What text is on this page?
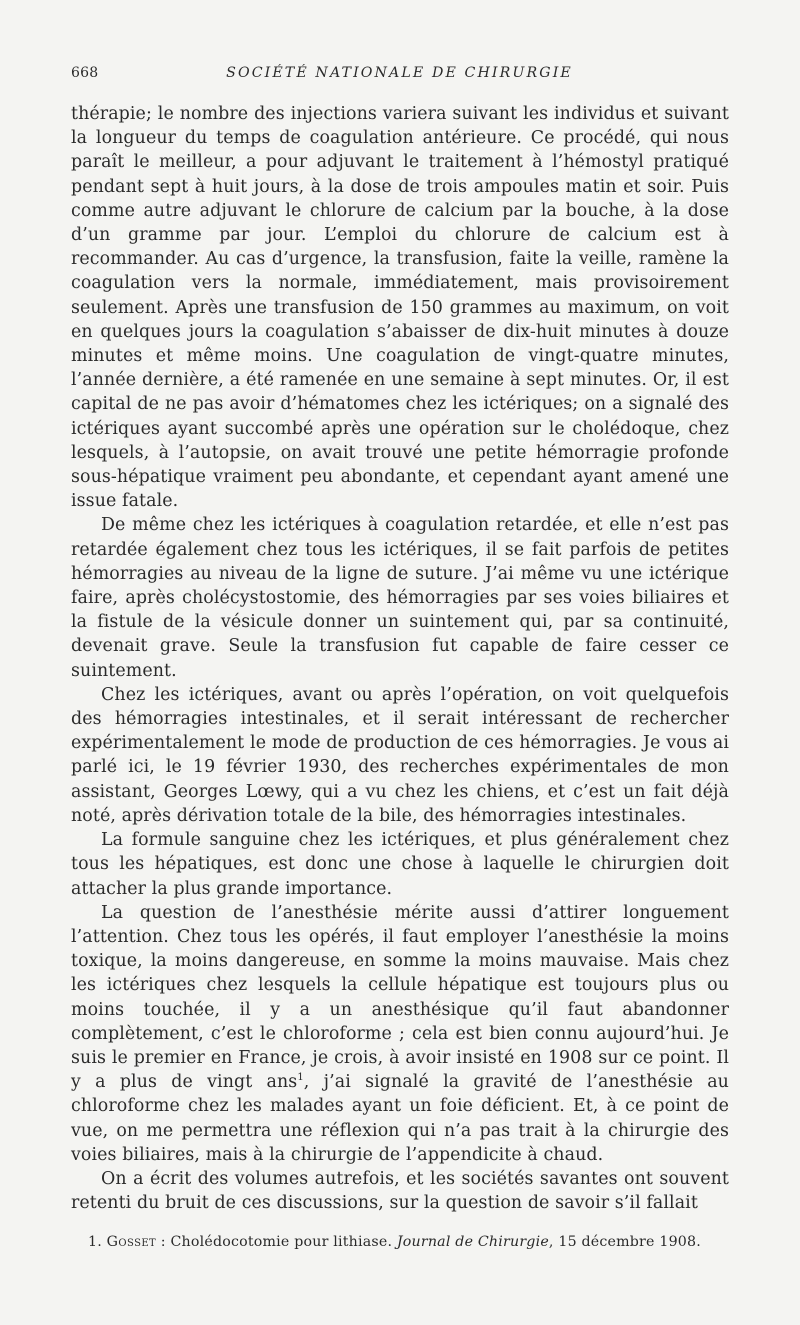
668	SOCIÉTÉ NATIONALE DE CHIRURGIE

thérapie; le nombre des injections variera suivant les individus et suivant la longueur du temps de coagulation antérieure. Ce procédé, qui nous paraît le meilleur, a pour adjuvant le traitement à l’hémostyl pratiqué pendant sept à huit jours, à la dose de trois ampoules matin et soir. Puis comme autre adjuvant le chlorure de calcium par la bouche, à la dose d’un gramme par jour. L’emploi du chlorure de calcium est à recommander. Au cas d’urgence, la transfusion, faite la veille, ramène la coagulation vers la normale, immédiatement, mais provisoirement seulement. Après une transfusion de 150 grammes au maximum, on voit en quelques jours la coagulation s’abaisser de dix-huit minutes à douze minutes et même moins. Une coagulation de vingt-quatre minutes, l’année dernière, a été ramenée en une semaine à sept minutes. Or, il est capital de ne pas avoir d’hématomes chez les ictériques; on a signalé des ictériques ayant succombé après une opération sur le cholédoque, chez lesquels, à l’autopsie, on avait trouvé une petite hémorragie profonde sous-hépatique vraiment peu abondante, et cependant ayant amené une issue fatale.

De même chez les ictériques à coagulation retardée, et elle n’est pas retardée également chez tous les ictériques, il se fait parfois de petites hémorragies au niveau de la ligne de suture. J’ai même vu une ictérique faire, après cholécystostomie, des hémorragies par ses voies biliaires et la fistule de la vésicule donner un suintement qui, par sa continuité, devenait grave. Seule la transfusion fut capable de faire cesser ce suintement.

Chez les ictériques, avant ou après l’opération, on voit quelquefois des hémorragies intestinales, et il serait intéressant de rechercher expérimentalement le mode de production de ces hémorragies. Je vous ai parlé ici, le 19 février 1930, des recherches expérimentales de mon assistant, Georges Lœwy, qui a vu chez les chiens, et c’est un fait déjà noté, après dérivation totale de la bile, des hémorragies intestinales.

La formule sanguine chez les ictériques, et plus généralement chez tous les hépatiques, est donc une chose à laquelle le chirurgien doit attacher la plus grande importance.

La question de l’anesthésie mérite aussi d’attirer longuement l’attention. Chez tous les opérés, il faut employer l’anesthésie la moins toxique, la moins dangereuse, en somme la moins mauvaise. Mais chez les ictériques chez lesquels la cellule hépatique est toujours plus ou moins touchée, il y a un anesthésique qu’il faut abandonner complètement, c’est le chloroforme ; cela est bien connu aujourd’hui. Je suis le premier en France, je crois, à avoir insisté en 1908 sur ce point. Il y a plus de vingt ans$^1$, j’ai signalé la gravité de l’anesthésie au chloroforme chez les malades ayant un foie déficient. Et, à ce point de vue, on me permettra une réflexion qui n’a pas trait à la chirurgie des voies biliaires, mais à la chirurgie de l’appendicite à chaud.

On a écrit des volumes autrefois, et les sociétés savantes ont souvent retenti du bruit de ces discussions, sur la question de savoir s’il fallait

1. Gosset : Cholédocotomie pour lithiase. Journal de Chirurgie, 15 décembre 1908.
